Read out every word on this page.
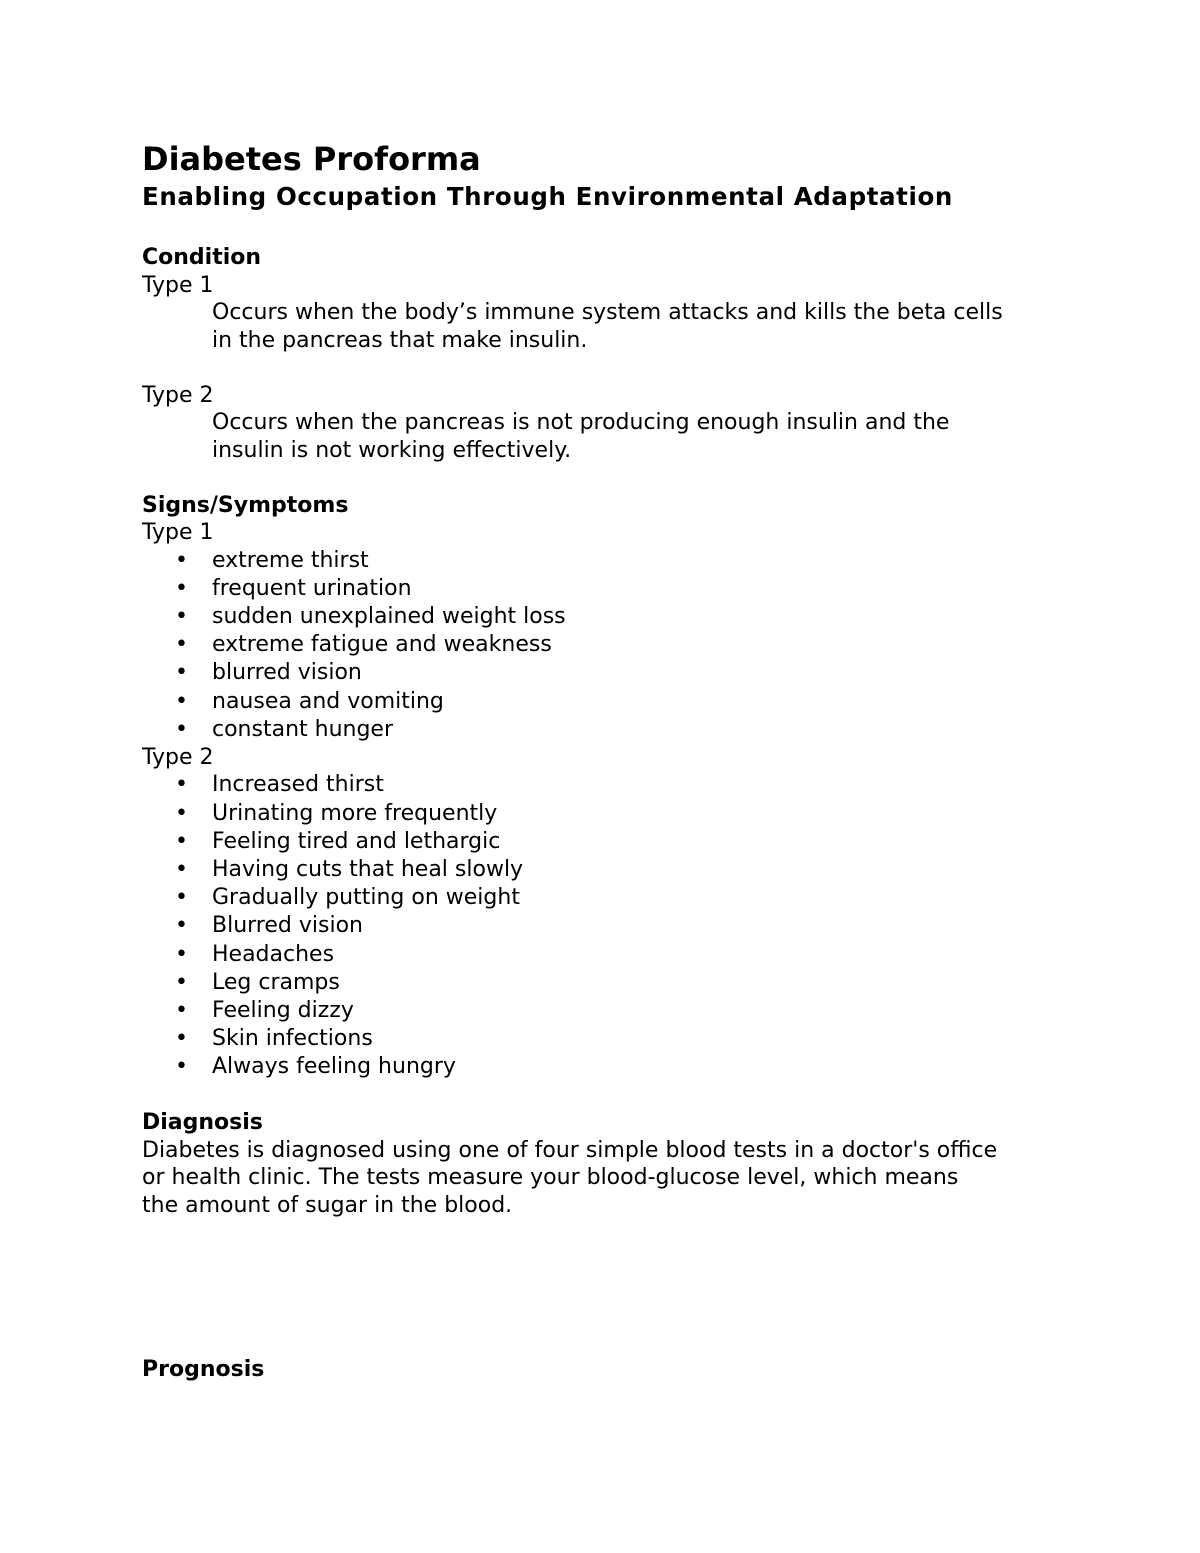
Diabetes Proforma
Enabling Occupation Through Environmental Adaptation
Condition
Type 1
Occurs when the body’s immune system attacks and kills the beta cells
in the pancreas that make insulin.
Type 2
Occurs when the pancreas is not producing enough insulin and the
insulin is not working effectively.
Signs/Symptoms
Type 1
• extreme thirst
• frequent urination
• sudden unexplained weight loss
• extreme fatigue and weakness
• blurred vision
• nausea and vomiting
• constant hunger
Type 2
• Increased thirst
• Urinating more frequently
• Feeling tired and lethargic
• Having cuts that heal slowly
• Gradually putting on weight
• Blurred vision
• Headaches
• Leg cramps
• Feeling dizzy
• Skin infections
• Always feeling hungry
Diagnosis
Diabetes is diagnosed using one of four simple blood tests in a doctor's office
or health clinic. The tests measure your blood-glucose level, which means
the amount of sugar in the blood.
Prognosis
